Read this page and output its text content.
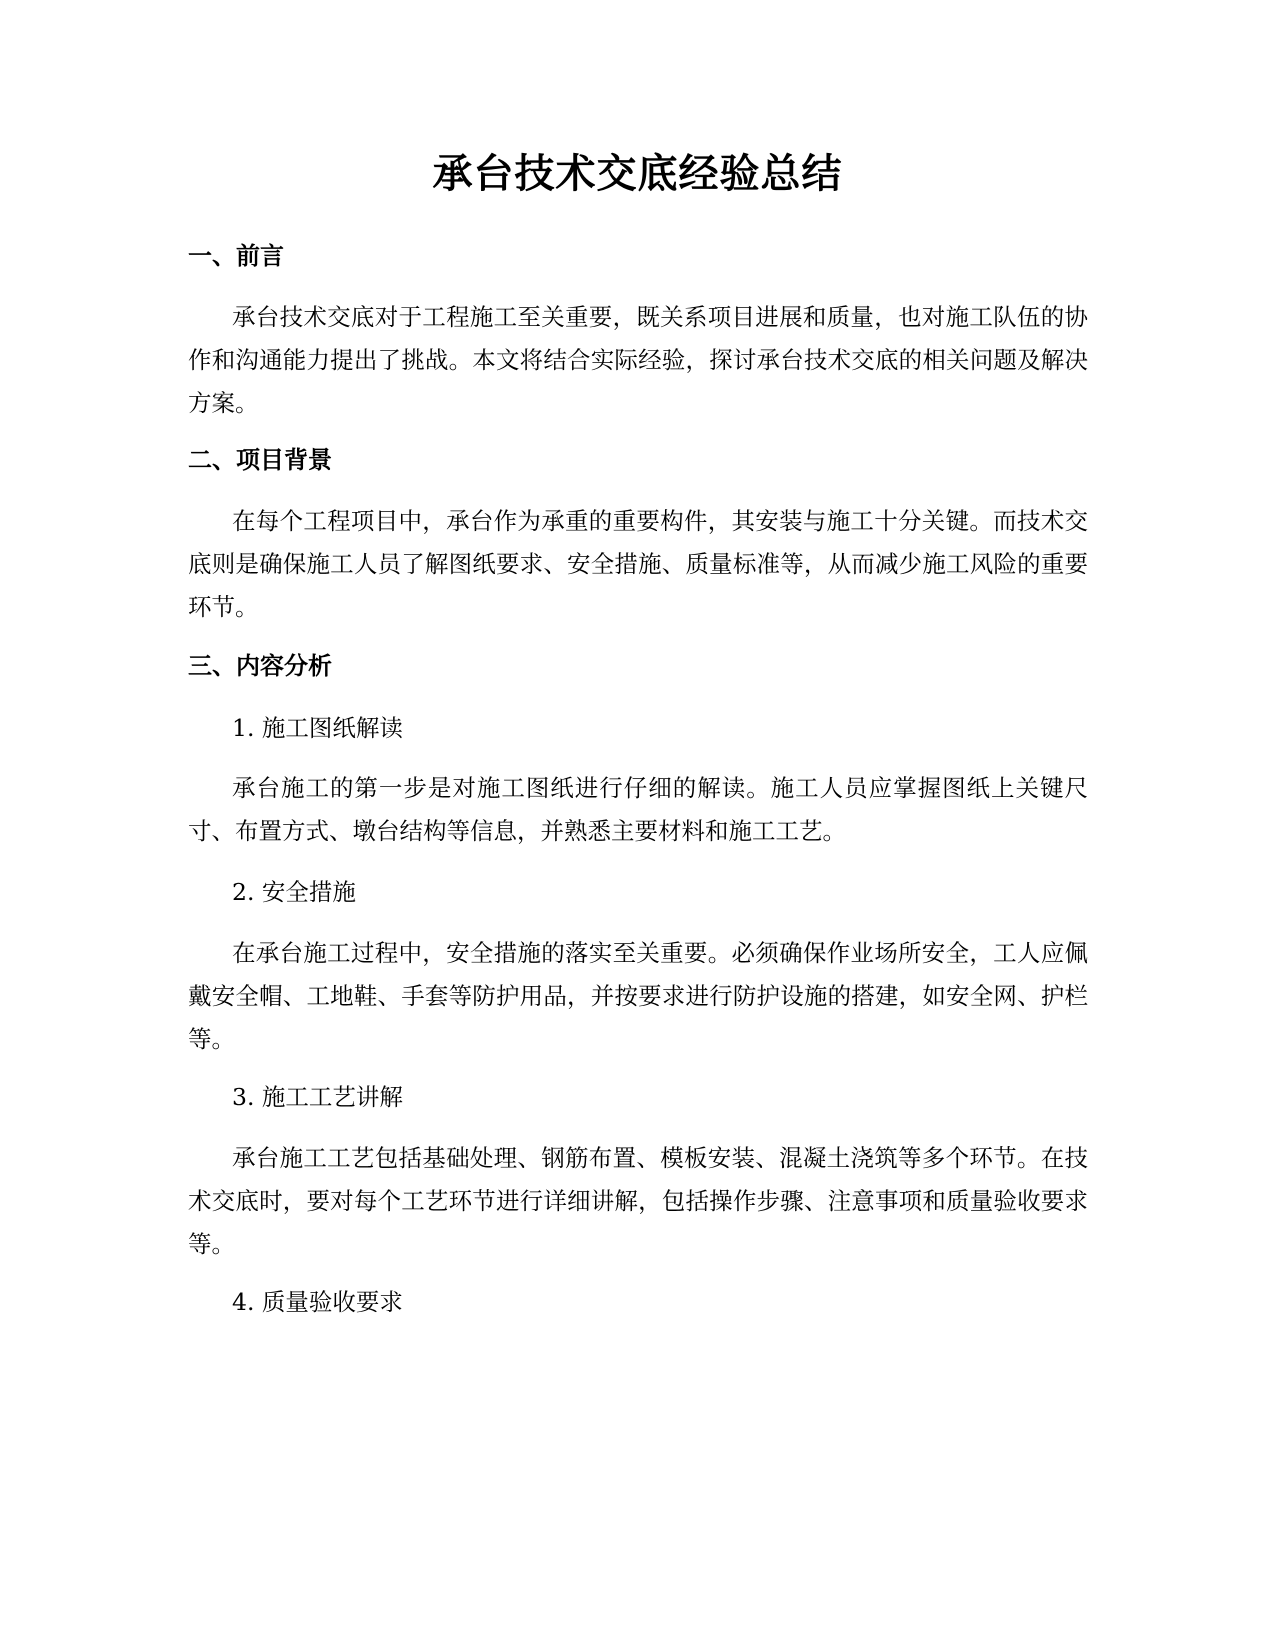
承台技术交底经验总结
一、前言

承台技术交底对于工程施工至关重要，既关系项目进展和质量，也对施工队伍的协作和沟通能力提出了挑战。本文将结合实际经验，探讨承台技术交底的相关问题及解决方案。

二、项目背景

在每个工程项目中，承台作为承重的重要构件，其安装与施工十分关键。而技术交底则是确保施工人员了解图纸要求、安全措施、质量标准等，从而减少施工风险的重要环节。

三、内容分析

1. 施工图纸解读

承台施工的第一步是对施工图纸进行仔细的解读。施工人员应掌握图纸上关键尺寸、布置方式、墩台结构等信息，并熟悉主要材料和施工工艺。

2. 安全措施

在承台施工过程中，安全措施的落实至关重要。必须确保作业场所安全，工人应佩戴安全帽、工地鞋、手套等防护用品，并按要求进行防护设施的搭建，如安全网、护栏等。

3. 施工工艺讲解

承台施工工艺包括基础处理、钢筋布置、模板安装、混凝土浇筑等多个环节。在技术交底时，要对每个工艺环节进行详细讲解，包括操作步骤、注意事项和质量验收要求等。

4. 质量验收要求
